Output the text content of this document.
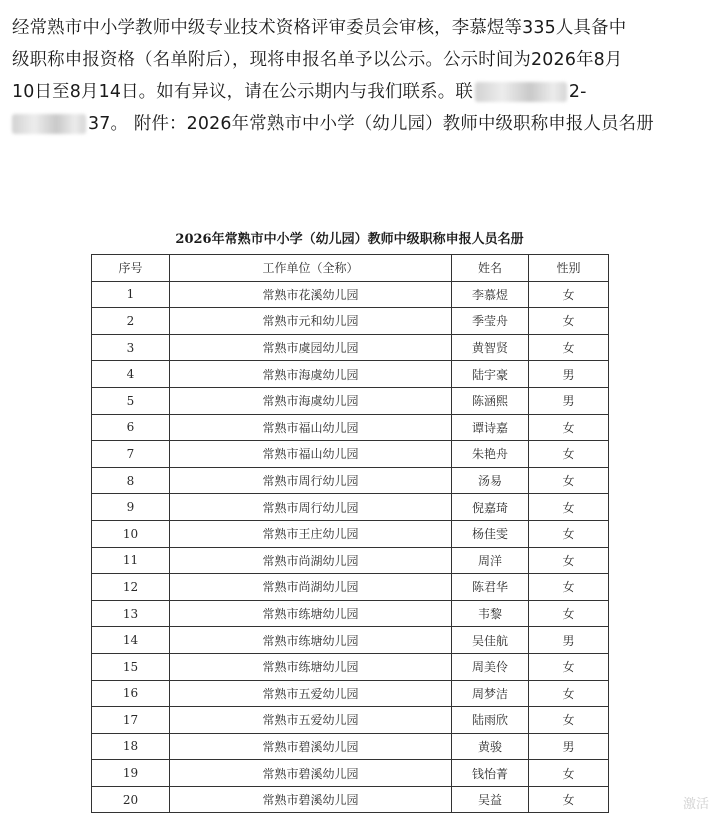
经常熟市中小学教师中级专业技术资格评审委员会审核，李慕煜等335人具备中
级职称申报资格（名单附后），现将申报名单予以公示。公示时间为2026年8月
10日至8月14日。如有异议，请在公示期内与我们联系。联	2-
37。 附件：2026年常熟市中小学（幼儿园）教师中级职称申报人员名册
2026年常熟市中小学（幼儿园）教师中级职称申报人员名册
序号	工作单位（全称）	姓名	性别
1	常熟市花溪幼儿园	李慕煜	女
2	常熟市元和幼儿园	季莹舟	女
3	常熟市虞园幼儿园	黄智贤	女
4	常熟市海虞幼儿园	陆宇豪	男
5	常熟市海虞幼儿园	陈涵熙	男
6	常熟市福山幼儿园	谭诗嘉	女
7	常熟市福山幼儿园	朱艳舟	女
8	常熟市周行幼儿园	汤易	女
9	常熟市周行幼儿园	倪嘉琦	女
10	常熟市王庄幼儿园	杨佳雯	女
11	常熟市尚湖幼儿园	周洋	女
12	常熟市尚湖幼儿园	陈君华	女
13	常熟市练塘幼儿园	韦黎	女
14	常熟市练塘幼儿园	吴佳航	男
15	常熟市练塘幼儿园	周美伶	女
16	常熟市五爱幼儿园	周梦洁	女
17	常熟市五爱幼儿园	陆雨欣	女
18	常熟市碧溪幼儿园	黄骏	男
19	常熟市碧溪幼儿园	钱怡菁	女
20	常熟市碧溪幼儿园	吴益	女	激活
